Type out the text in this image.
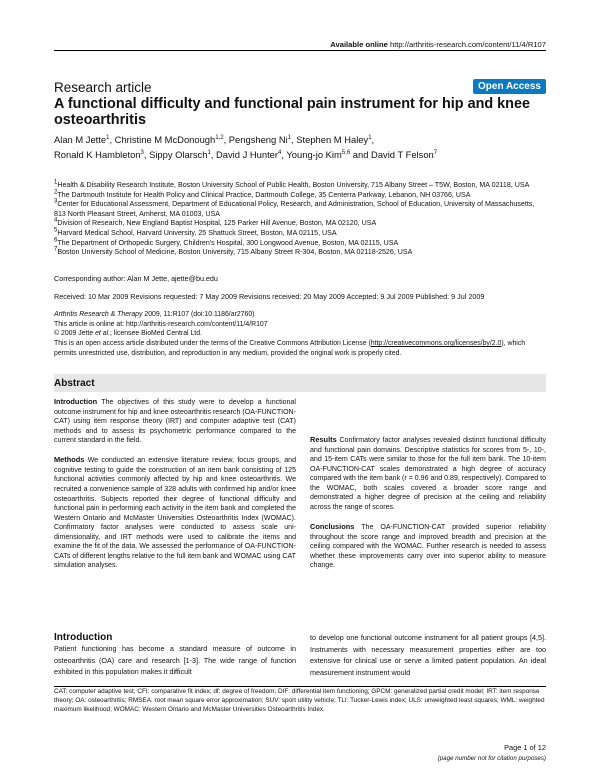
Available online http://arthritis-research.com/content/11/4/R107
Research article	Open Access
A functional difficulty and functional pain instrument for hip and knee osteoarthritis
Alan M Jette$^1$, Christine M McDonough$^{1,2}$, Pengsheng Ni$^1$, Stephen M Haley$^1$,
Ronald K Hambleton$^3$, Sippy Olarsch$^1$, David J Hunter$^4$, Young-jo Kim$^{5,6}$ and David T Felson$^7$
$^1$Health & Disability Research Institute, Boston University School of Public Health, Boston University, 715 Albany Street – T5W, Boston, MA 02118, USA
$^2$The Dartmouth Institute for Health Policy and Clinical Practice, Dartmouth College, 35 Centerra Parkway, Lebanon, NH 03766, USA
$^3$Center for Educational Assessment, Department of Educational Policy, Research, and Administration, School of Education, University of Massachusetts, 813 North Pleasant Street, Amherst, MA 01003, USA
$^4$Division of Research, New England Baptist Hospital, 125 Parker Hill Avenue, Boston, MA 02120, USA
$^5$Harvard Medical School, Harvard University, 25 Shattuck Street, Boston, MA 02115, USA
$^6$The Department of Orthopedic Surgery, Children's Hospital, 300 Longwood Avenue, Boston, MA 02115, USA
$^7$Boston University School of Medicine, Boston University, 715 Albany Street R-304, Boston, MA 02118-2526, USA
Corresponding author: Alan M Jette, ajette@bu.edu
Received: 10 Mar 2009 Revisions requested: 7 May 2009 Revisions received: 20 May 2009 Accepted: 9 Jul 2009 Published: 9 Jul 2009
Arthritis Research & Therapy 2009, 11:R107 (doi:10.1186/ar2760)
This article is online at: http://arthritis-research.com/content/11/4/R107
© 2009 Jette et al.; licensee BioMed Central Ltd.
This is an open access article distributed under the terms of the Creative Commons Attribution License (http://creativecommons.org/licenses/by/2.0), which permits unrestricted use, distribution, and reproduction in any medium, provided the original work is properly cited.
Abstract

Introduction The objectives of this study were to develop a functional outcome instrument for hip and knee osteoarthritis research (OA-FUNCTION-CAT) using item response theory (IRT) and computer adaptive test (CAT) methods and to assess its psychometric performance compared to the current standard in the field.

Methods We conducted an extensive literature review, focus groups, and cognitive testing to guide the construction of an item bank consisting of 125 functional activities commonly affected by hip and knee osteoarthritis. We recruited a convenience sample of 328 adults with confirmed hip and/or knee osteoarthritis. Subjects reported their degree of functional difficulty and functional pain in performing each activity in the item bank and completed the Western Ontario and McMaster Universities Osteoarthritis Index (WOMAC). Confirmatory factor analyses were conducted to assess scale uni-dimensionality, and IRT methods were used to calibrate the items and examine the fit of the data. We assessed the performance of OA-FUNCTION-CATs of different lengths relative to the full item bank and WOMAC using CAT simulation analyses.

Results Confirmatory factor analyses revealed distinct functional difficulty and functional pain domains. Descriptive statistics for scores from 5-, 10-, and 15-item CATs were similar to those for the full item bank. The 10-item OA-FUNCTION-CAT scales demonstrated a high degree of accuracy compared with the item bank (r = 0.96 and 0.89, respectively). Compared to the WOMAC, both scales covered a broader score range and demonstrated a higher degree of precision at the ceiling and reliability across the range of scores.

Conclusions The OA-FUNCTION-CAT provided superior reliability throughout the score range and improved breadth and precision at the ceiling compared with the WOMAC. Further research is needed to assess whether these improvements carry over into superior ability to measure change.

Introduction
Patient functioning has become a standard measure of outcome in osteoarthritis (OA) care and research [1-3]. The wide range of function exhibited in this population makes it difficult
to develop one functional outcome instrument for all patient groups [4,5]. Instruments with necessary measurement properties either are too extensive for clinical use or serve a limited patient population. An ideal measurement instrument would
CAT: computer adaptive test; CFI: comparative fit index; df: degree of freedom; DIF: differential item functioning; GPCM: generalized partial credit model; IRT: item response theory; OA: osteoarthritis; RMSEA: root mean square error approximation; SUV: sport utility vehicle; TLI: Tucker-Lewis index; ULS: unweighted least squares; WML: weighted maximum likelihood; WOMAC: Western Ontario and McMaster Universities Osteoarthritis Index.
Page 1 of 12
(page number not for citation purposes)
